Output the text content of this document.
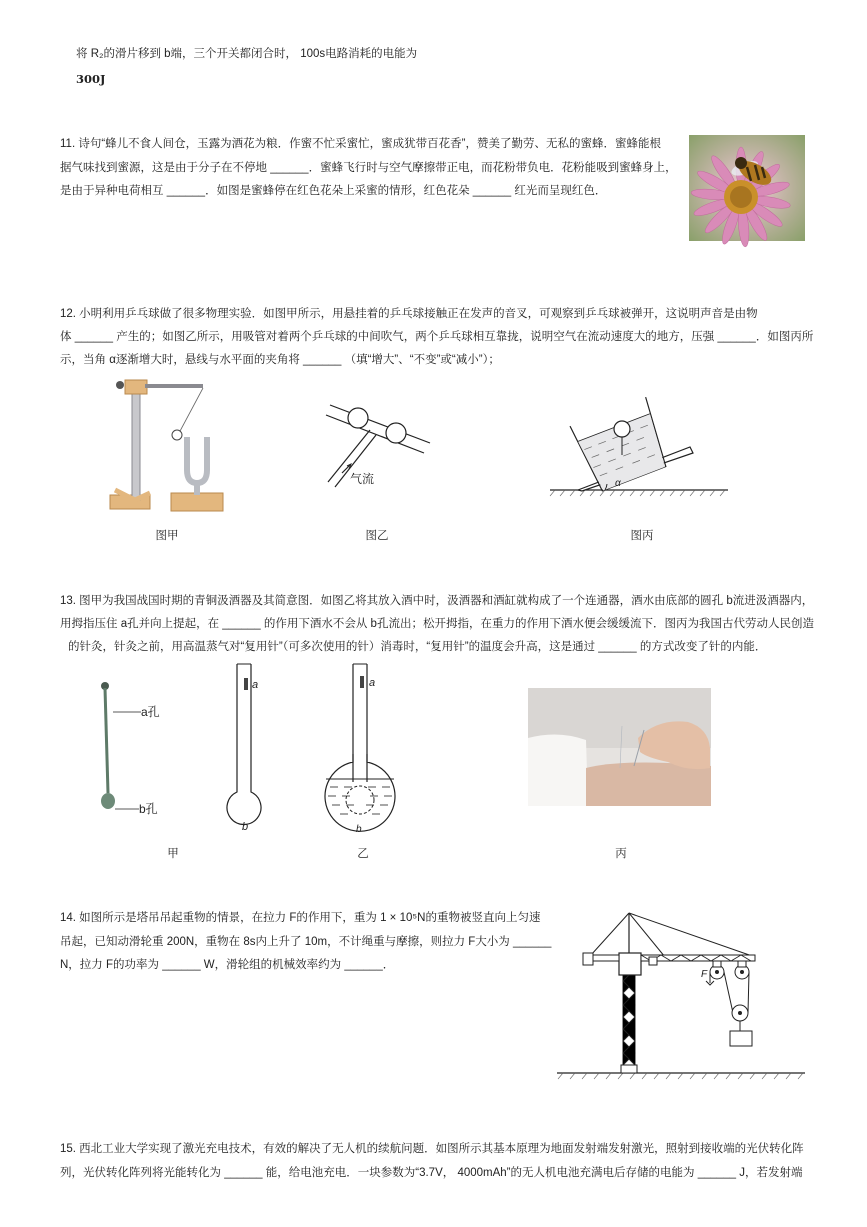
将 R₂的滑片移到 b端，三个开关都闭合时， 100s电路消耗的电能为
300J
11. 诗句“蜂儿不食人间仓，玉露为酒花为粮．作蜜不忙采蜜忙，蜜成犹带百花香”，赞美了勤劳、无私的蜜蜂．蜜蜂能根
据气味找到蜜源，这是由于分子在不停地 ______．蜜蜂飞行时与空气摩擦带正电，而花粉带负电．花粉能吸到蜜蜂身上，
是由于异种电荷相互 ______．如图是蜜蜂停在红色花朵上采蜜的情形，红色花朵 ______ 红光而呈现红色．
12. 小明利用乒乓球做了很多物理实验．如图甲所示，用悬挂着的乒乓球接触正在发声的音叉，可观察到乒乓球被弹开，这说明声音是由物
体 ______ 产生的；如图乙所示，用吸管对着两个乒乓球的中间吹气，两个乒乓球相互靠拢，说明空气在流动速度大的地方，压强 ______．如图丙所
示，当角 α逐渐增大时，悬线与水平面的夹角将 ______ （填“增大”、“不变”或“减小”）；
图甲
气流
图乙
α
图丙
13. 图甲为我国战国时期的青铜汲酒器及其简意图．如图乙将其放入酒中时，汲酒器和酒缸就构成了一个连通器，酒水由底部的圆孔 b流进汲酒器内，
用拇指压住 a孔并向上提起，在 ______ 的作用下酒水不会从 b孔流出；松开拇指，在重力的作用下酒水便会缓缓流下．图丙为我国古代劳动人民创造
的针灸，针灸之前，用高温蒸气对“复用针”（可多次使用的针）消毒时，“复用针”的温度会升高，这是通过 ______ 的方式改变了针的内能．
a孔
b孔
甲
a
b
a
b
乙	丙
14. 如图所示是塔吊吊起重物的情景，在拉力 F的作用下，重为 1 × 10⁵N的重物被竖直向上匀速
吊起，已知动滑轮重 200N，重物在 8s内上升了 10m，不计绳重与摩擦，则拉力 F大小为 ______
N，拉力 F的功率为 ______ W，滑轮组的机械效率约为 ______．
F
15. 西北工业大学实现了激光充电技术，有效的解决了无人机的续航问题．如图所示其基本原理为地面发射端发射激光，照射到接收端的光伏转化阵
列，光伏转化阵列将光能转化为 ______ 能，给电池充电．一块参数为“3.7V， 4000mAh”的无人机电池充满电后存储的电能为 ______ J，若发射端
